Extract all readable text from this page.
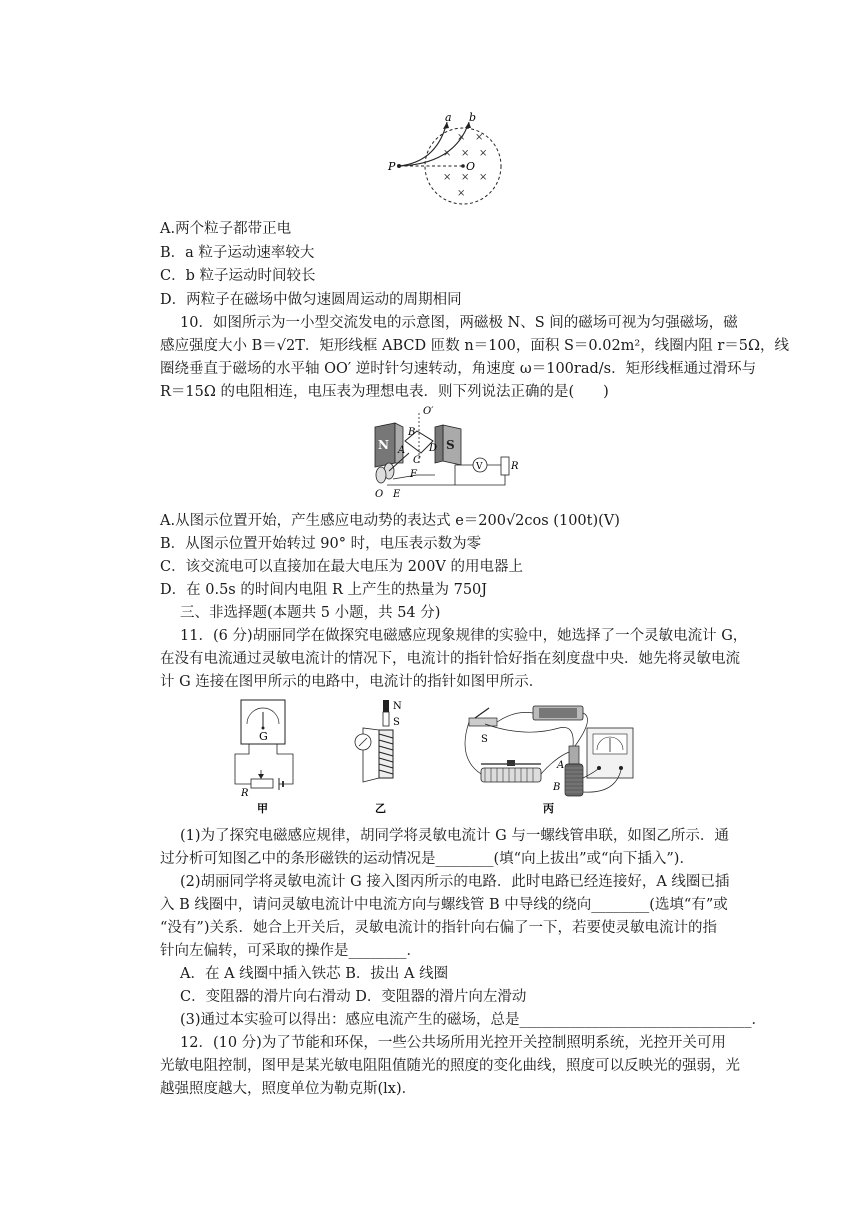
a b
P	O
× ×
× × ×
× × ×
×
A.两个粒子都带正电
B．a 粒子运动速率较大
C．b 粒子运动时间较长
D．两粒子在磁场中做匀速圆周运动的周期相同
10．如图所示为一小型交流发电的示意图，两磁极 N、S 间的磁场可视为匀强磁场，磁
感应强度大小 B＝√2T．矩形线框 ABCD 匝数 n＝100，面积 S＝0.02m²，线圈内阻 r＝5Ω，线
圈绕垂直于磁场的水平轴 OO′ 逆时针匀速转动，角速度 ω＝100rad/s．矩形线框通过滑环与
R＝15Ω 的电阻相连，电压表为理想电表．则下列说法正确的是(　　)
N	S
O′
B
A D
C
O E
F
V	R
A.从图示位置开始，产生感应电动势的表达式 e＝200√2cos (100t)(V)
B．从图示位置开始转过 90° 时，电压表示数为零
C．该交流电可以直接加在最大电压为 200V 的用电器上
D．在 0.5s 的时间内电阻 R 上产生的热量为 750J
三、非选择题(本题共 5 小题，共 54 分)
11．(6 分)胡丽同学在做探究电磁感应现象规律的实验中，她选择了一个灵敏电流计 G，
在没有电流通过灵敏电流计的情况下，电流计的指针恰好指在刻度盘中央．她先将灵敏电流
计 G 连接在图甲所示的电路中，电流计的指针如图甲所示．
G
R
甲
N
S
乙
S
A
B
丙
(1)为了探究电磁感应规律，胡同学将灵敏电流计 G 与一螺线管串联，如图乙所示．通
过分析可知图乙中的条形磁铁的运动情况是________(填“向上拔出”或“向下插入”)．
(2)胡丽同学将灵敏电流计 G 接入图丙所示的电路．此时电路已经连接好，A 线圈已插
入 B 线圈中，请问灵敏电流计中电流方向与螺线管 B 中导线的绕向________(选填“有”或
“没有”)关系．她合上开关后，灵敏电流计的指针向右偏了一下，若要使灵敏电流计的指
针向左偏转，可采取的操作是________．
A．在 A 线圈中插入铁芯 B．拔出 A 线圈
C．变阻器的滑片向右滑动 D．变阻器的滑片向左滑动
(3)通过本实验可以得出：感应电流产生的磁场，总是________________________________．
12．(10 分)为了节能和环保，一些公共场所用光控开关控制照明系统，光控开关可用
光敏电阻控制，图甲是某光敏电阻阻值随光的照度的变化曲线，照度可以反映光的强弱，光
越强照度越大，照度单位为勒克斯(lx)．
